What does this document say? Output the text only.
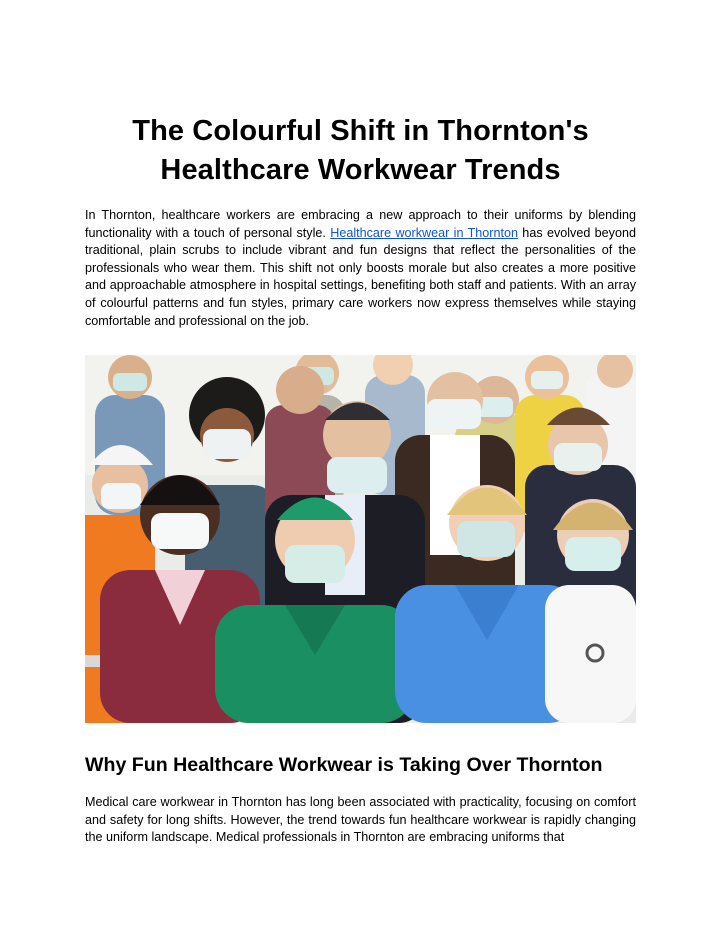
The Colourful Shift in Thornton's
Healthcare Workwear Trends

In Thornton, healthcare workers are embracing a new approach to their uniforms by blending functionality with a touch of personal style. Healthcare workwear in Thornton has evolved beyond traditional, plain scrubs to include vibrant and fun designs that reflect the personalities of the professionals who wear them. This shift not only boosts morale but also creates a more positive and approachable atmosphere in hospital settings, benefiting both staff and patients. With an array of colourful patterns and fun styles, primary care workers now express themselves while staying comfortable and professional on the job.

Why Fun Healthcare Workwear is Taking Over Thornton

Medical care workwear in Thornton has long been associated with practicality, focusing on comfort and safety for long shifts. However, the trend towards fun healthcare workwear is rapidly changing the uniform landscape. Medical professionals in Thornton are embracing uniforms that
